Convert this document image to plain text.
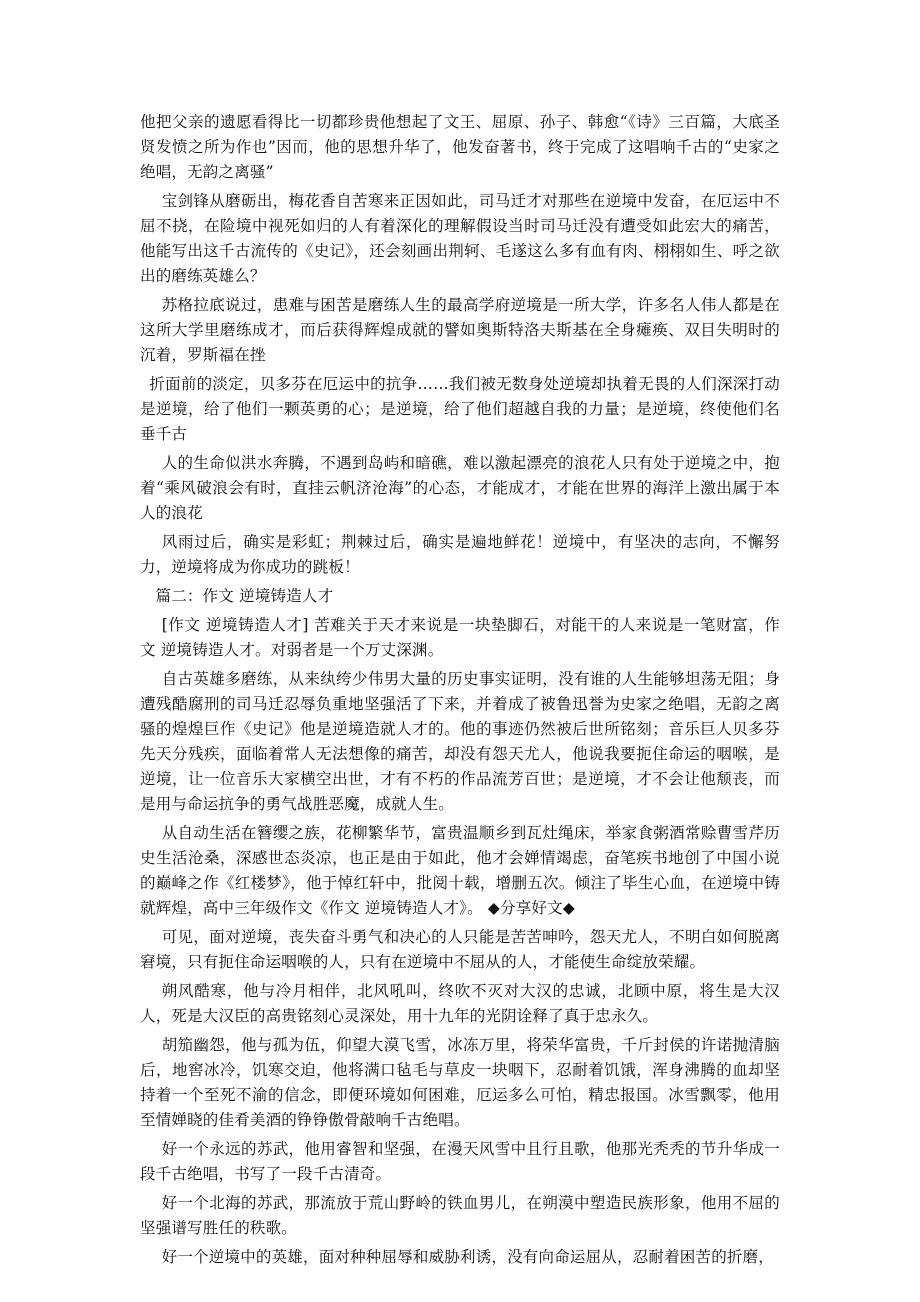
他把父亲的遗愿看得比一切都珍贵他想起了文王、屈原、孙子、韩愈“《诗》三百篇，大底圣贤发愤之所为作也”因而，他的思想升华了，他发奋著书，终于完成了这唱响千古的“史家之绝唱，无韵之离骚”

宝剑锋从磨砺出，梅花香自苦寒来正因如此，司马迁才对那些在逆境中发奋，在厄运中不屈不挠，在险境中视死如归的人有着深化的理解假设当时司马迁没有遭受如此宏大的痛苦，他能写出这千古流传的《史记》，还会刻画出荆轲、毛遂这么多有血有肉、栩栩如生、呼之欲出的磨练英雄么？

苏格拉底说过，患难与困苦是磨练人生的最高学府逆境是一所大学，许多名人伟人都是在这所大学里磨练成才，而后获得辉煌成就的譬如奥斯特洛夫斯基在全身瘫痪、双目失明时的沉着，罗斯福在挫

折面前的淡定，贝多芬在厄运中的抗争……我们被无数身处逆境却执着无畏的人们深深打动是逆境，给了他们一颗英勇的心；是逆境，给了他们超越自我的力量；是逆境，终使他们名垂千古

人的生命似洪水奔腾，不遇到岛屿和暗礁，难以激起漂亮的浪花人只有处于逆境之中，抱着“乘风破浪会有时，直挂云帆济沧海”的心态，才能成才，才能在世界的海洋上激出属于本人的浪花

风雨过后，确实是彩虹；荆棘过后，确实是遍地鲜花！逆境中，有坚决的志向，不懈努力，逆境将成为你成功的跳板！

篇二：作文 逆境铸造人才

[作文 逆境铸造人才] 苦难关于天才来说是一块垫脚石，对能干的人来说是一笔财富，作文 逆境铸造人才。对弱者是一个万丈深渊。

自古英雄多磨练，从来纨绔少伟男大量的历史事实证明，没有谁的人生能够坦荡无阻；身遭残酷腐刑的司马迁忍辱负重地坚强活了下来，并着成了被鲁迅誉为史家之绝唱，无韵之离骚的煌煌巨作《史记》他是逆境造就人才的。他的事迹仍然被后世所铭刻；音乐巨人贝多芬先天分残疾，面临着常人无法想像的痛苦，却没有怨天尤人，他说我要扼住命运的咽喉，是逆境，让一位音乐大家横空出世，才有不朽的作品流芳百世；是逆境，才不会让他颓丧，而是用与命运抗争的勇气战胜恶魔，成就人生。

从自动生活在簪缨之族，花柳繁华节，富贵温顺乡到瓦灶绳床，举家食粥酒常赊曹雪芹历史生活沧桑，深感世态炎凉，也正是由于如此，他才会婵情竭虑，奋笔疾书地创了中国小说的巅峰之作《红楼梦》，他于悼红轩中，批阅十载，增删五次。倾注了毕生心血，在逆境中铸就辉煌，高中三年级作文《作文 逆境铸造人才》。 ◆分享好文◆

可见，面对逆境，丧失奋斗勇气和决心的人只能是苦苦呻吟，怨天尤人，不明白如何脱离窘境，只有扼住命运咽喉的人，只有在逆境中不屈从的人，才能使生命绽放荣耀。

朔风酷寒，他与冷月相伴，北风吼叫，终吹不灭对大汉的忠诚，北顾中原，将生是大汉人，死是大汉臣的高贵铭刻心灵深处，用十九年的光阴诠释了真于忠永久。

胡笳幽怨，他与孤为伍，仰望大漠飞雪，冰冻万里，将荣华富贵，千斤封侯的许诺抛清脑后，地窖冰冷，饥寒交迫，他将满口毡毛与草皮一块咽下，忍耐着饥饿，浑身沸腾的血却坚持着一个至死不渝的信念，即便环境如何困难，厄运多么可怕，精忠报国。冰雪飘零，他用至情婵晓的佳肴美酒的铮铮傲骨敲响千古绝唱。

好一个永远的苏武，他用睿智和坚强，在漫天风雪中且行且歌，他那光秃秃的节升华成一段千古绝唱，书写了一段千古清奇。

好一个北海的苏武，那流放于荒山野岭的铁血男儿，在朔漠中塑造民族形象，他用不屈的坚强谱写胜任的秩歌。

好一个逆境中的英雄，面对种种屈辱和威胁利诱，没有向命运屈从，忍耐着困苦的折磨，
